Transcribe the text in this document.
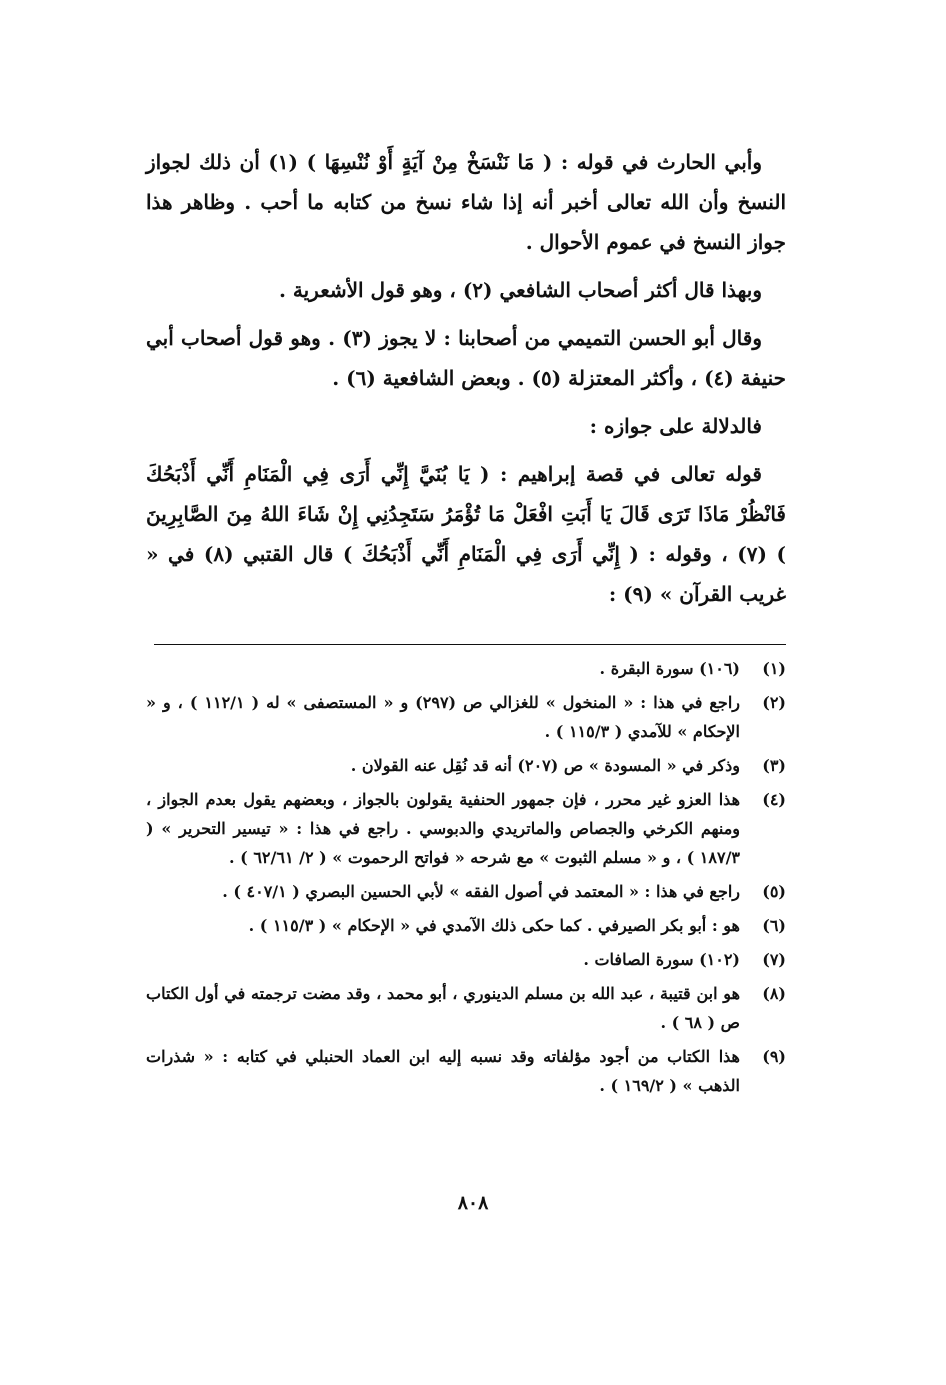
وأبي الحارث في قوله : ( مَا نَنْسَخْ مِنْ آيَةٍ أَوْ نُنْسِهَا ) (١) أن ذلك لجواز النسخ وأن الله تعالى أخبر أنه إذا شاء نسخ من كتابه ما أحب . وظاهر هذا جواز النسخ في عموم الأحوال .

وبهذا قال أكثر أصحاب الشافعي (٢) ، وهو قول الأشعرية .

وقال أبو الحسن التميمي من أصحابنا : لا يجوز (٣) . وهو قول أصحاب أبي حنيفة (٤) ، وأكثر المعتزلة (٥) . وبعض الشافعية (٦) .

فالدلالة على جوازه :

قوله تعالى في قصة إبراهيم : ( يَا بُنَيَّ إِنِّي أَرَى فِي الْمَنَامِ أَنِّي أَذْبَحُكَ فَانْظُرْ مَاذَا تَرَى قَالَ يَا أَبَتِ افْعَلْ مَا تُؤْمَرُ سَتَجِدُنِي إِنْ شَاءَ اللهُ مِنَ الصَّابِرِينَ ) (٧) ، وقوله : ( إِنِّي أَرَى فِي الْمَنَامِ أَنِّي أَذْبَحُكَ ) قال القتبي (٨) في « غريب القرآن » (٩) :

(١)
(١٠٦) سورة البقرة .
(٢)
راجع في هذا : « المنخول » للغزالي ص (٢٩٧) و « المستصفى » له ( ١١٢/١ ) ، و « الإحكام » للآمدي ( ١١٥/٣ ) .
(٣)
وذكر في « المسودة » ص (٢٠٧) أنه قد نُقِل عنه القولان .
(٤)
هذا العزو غير محرر ، فإن جمهور الحنفية يقولون بالجواز ، وبعضهم يقول بعدم الجواز ، ومنهم الكرخي والجصاص والماتريدي والدبوسي . راجع في هذا : « تيسير التحرير » ( ١٨٧/٣ ) ، و « مسلم الثبوت » مع شرحه « فواتح الرحموت » ( ٢/ ٦٢/٦١ ) .
(٥)
راجع في هذا : « المعتمد في أصول الفقه » لأبي الحسين البصري ( ٤٠٧/١ ) .
(٦)
هو : أبو بكر الصيرفي . كما حكى ذلك الآمدي في « الإحكام » ( ١١٥/٣ ) .
(٧)
(١٠٢) سورة الصافات .
(٨)
هو ابن قتيبة ، عبد الله بن مسلم الدينوري ، أبو محمد ، وقد مضت ترجمته في أول الكتاب ص ( ٦٨ ) .
(٩)
هذا الكتاب من أجود مؤلفاته وقد نسبه إليه ابن العماد الحنبلي في كتابه : « شذرات الذهب » ( ١٦٩/٢ ) .
٨٠٨
